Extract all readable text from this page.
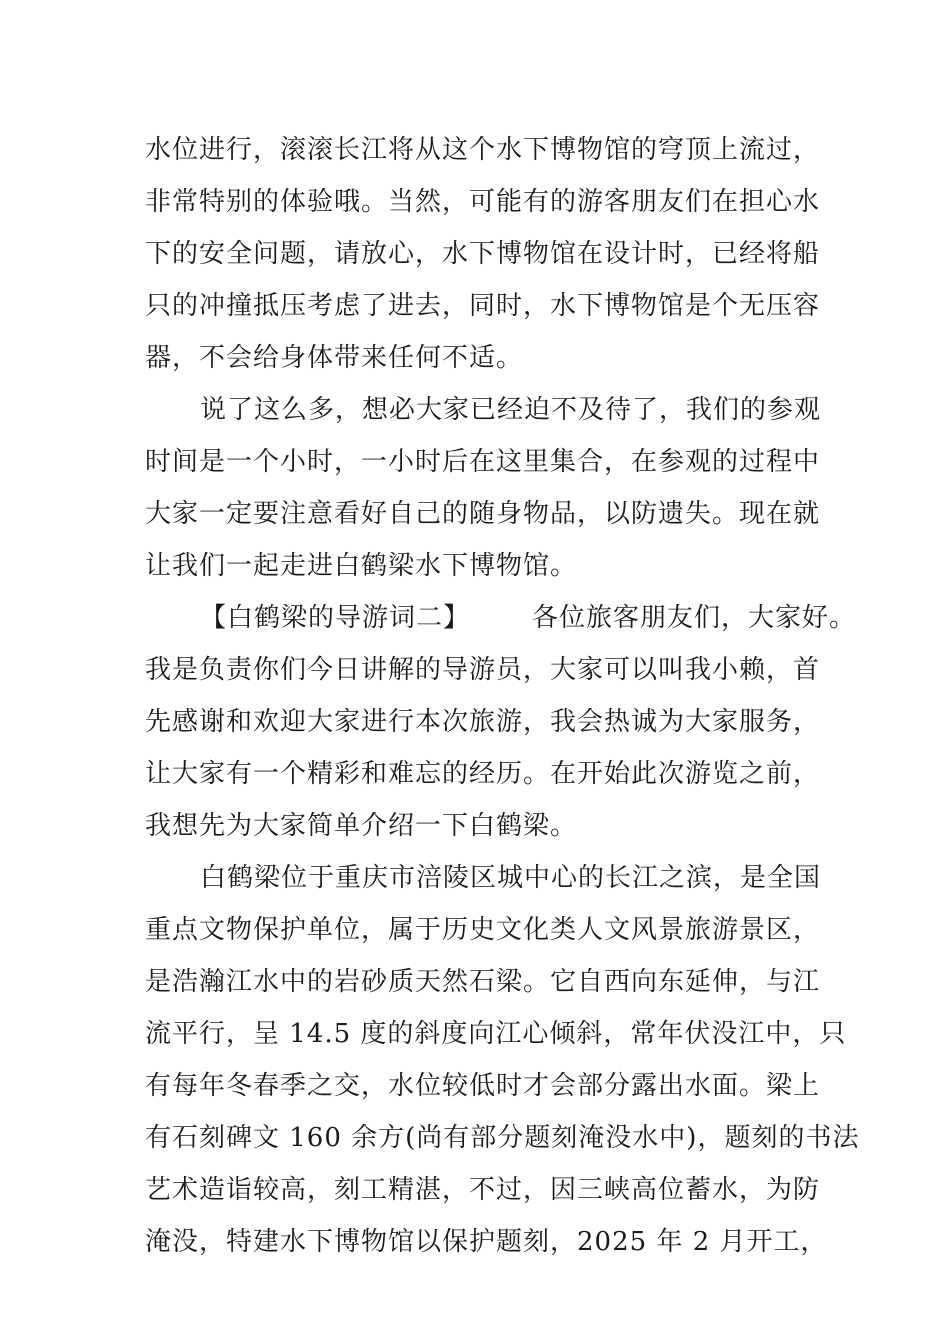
水位进行，滚滚长江将从这个水下博物馆的穹顶上流过，
非常特别的体验哦。当然，可能有的游客朋友们在担心水
下的安全问题，请放心，水下博物馆在设计时，已经将船
只的冲撞抵压考虑了进去，同时，水下博物馆是个无压容
器，不会给身体带来任何不适。
说了这么多，想必大家已经迫不及待了，我们的参观
时间是一个小时，一小时后在这里集合，在参观的过程中
大家一定要注意看好自己的随身物品，以防遗失。现在就
让我们一起走进白鹤梁水下博物馆。
【白鹤梁的导游词二】 各位旅客朋友们，大家好。
我是负责你们今日讲解的导游员，大家可以叫我小赖，首
先感谢和欢迎大家进行本次旅游，我会热诚为大家服务，
让大家有一个精彩和难忘的经历。在开始此次游览之前，
我想先为大家简单介绍一下白鹤梁。
白鹤梁位于重庆市涪陵区城中心的长江之滨，是全国
重点文物保护单位，属于历史文化类人文风景旅游景区，
是浩瀚江水中的岩砂质天然石梁。它自西向东延伸，与江
流平行，呈 14.5 度的斜度向江心倾斜，常年伏没江中，只
有每年冬春季之交，水位较低时才会部分露出水面。梁上
有石刻碑文 160 余方(尚有部分题刻淹没水中)，题刻的书法
艺术造诣较高，刻工精湛，不过，因三峡高位蓄水，为防
淹没，特建水下博物馆以保护题刻，2025 年 2 月开工，
